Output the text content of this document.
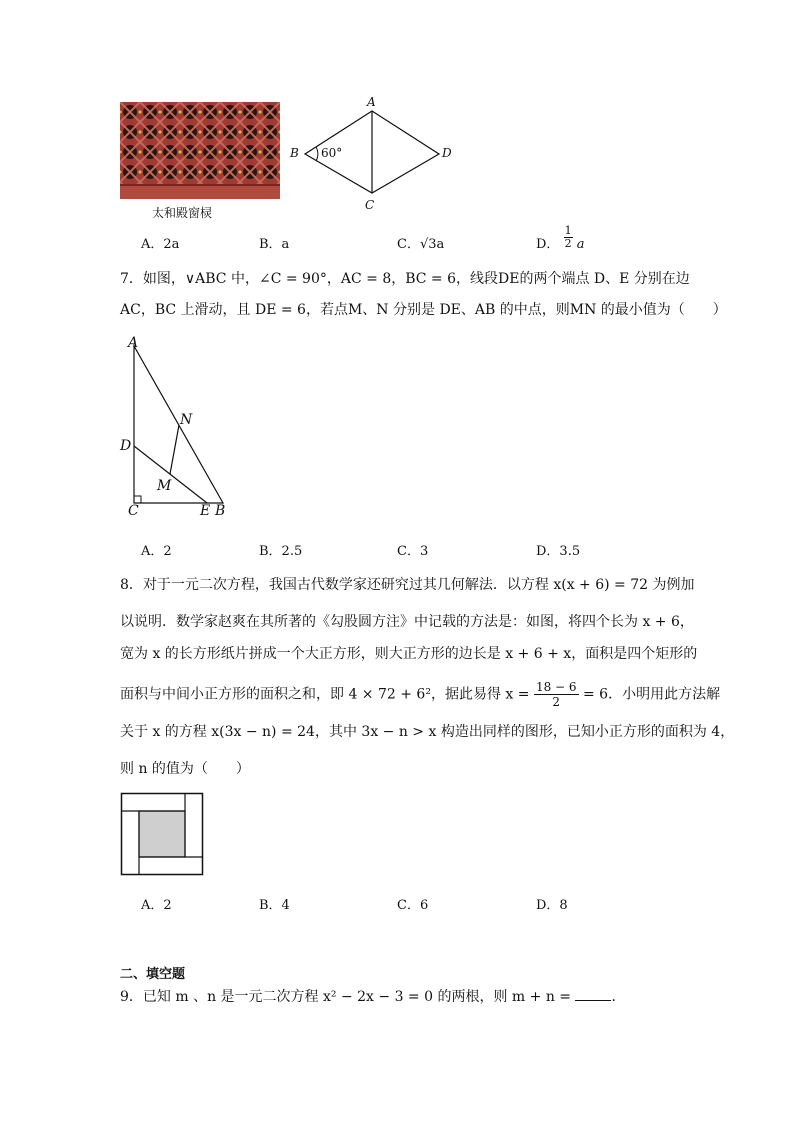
太和殿窗棂
A
B 60°	D
C
A．2a	B．a	C．√3a	D． $\frac{1}{2}$ a
7．如图，∨ABC 中，∠C = 90°，AC = 8，BC = 6，线段DE的两个端点 D、E 分别在边
AC，BC 上滑动，且 DE = 6，若点M、N 分别是 DE、AB 的中点，则MN 的最小值为（　　）
A
N
D
M
C	E B
A．2	B．2.5	C．3	D．3.5
8．对于一元二次方程，我国古代数学家还研究过其几何解法．以方程 x(x + 6) = 72 为例加
以说明．数学家赵爽在其所著的《勾股圆方注》中记载的方法是：如图，将四个长为 x + 6，
宽为 x 的长方形纸片拼成一个大正方形，则大正方形的边长是 x + 6 + x，面积是四个矩形的
面积与中间小正方形的面积之和，即 4 × 72 + 6²，据此易得 $x = \frac{18 - 6}{2} = 6$．小明用此方法解
关于 x 的方程 x(3x − n) = 24，其中 3x − n > x 构造出同样的图形，已知小正方形的面积为 4，
则 n 的值为（　　）
A．2	B．4	C．6	D．8
二、填空题
9．已知 m 、n 是一元二次方程 x² − 2x − 3 = 0 的两根，则 m + n =	．
